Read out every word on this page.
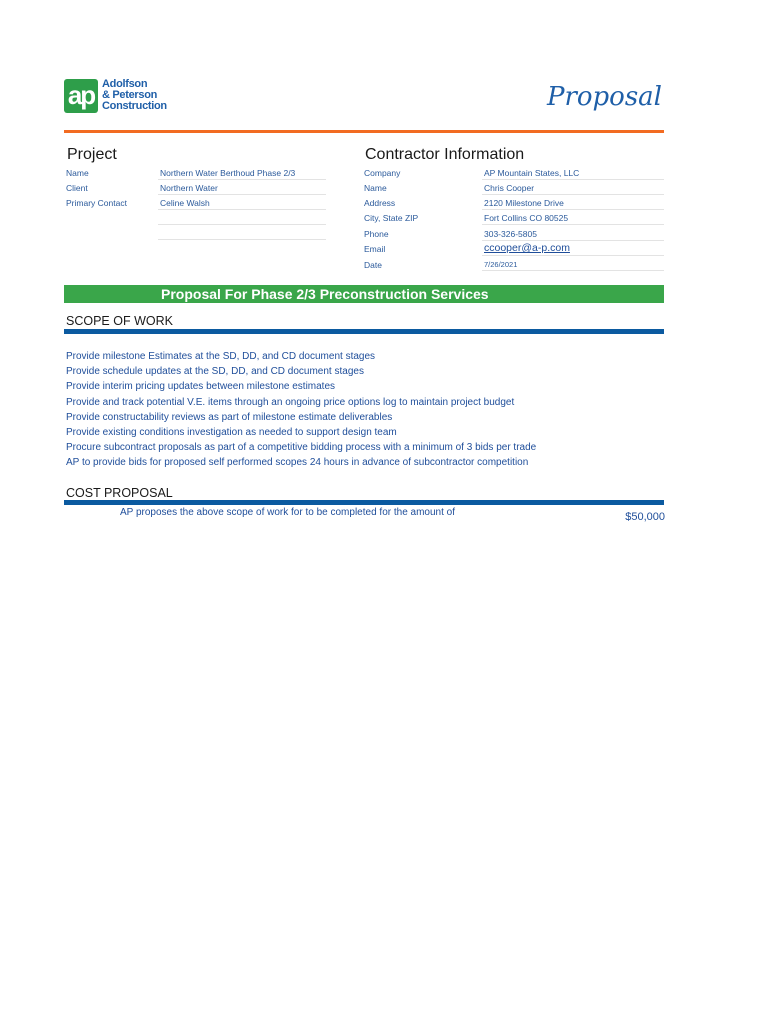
ap Adolfson
& Peterson
Construction	Proposal
Project
Name	Northern Water Berthoud Phase 2/3
Client	Northern Water
Primary Contact	Celine Walsh
Contractor Information
Company	AP Mountain States, LLC
Name	Chris Cooper
Address	2120 Milestone Drive
City, State ZIP	Fort Collins CO 80525
Phone	303-326-5805
Email	ccooper@a-p.com
Date	7/26/2021
Proposal For Phase 2/3 Preconstruction Services
SCOPE OF WORK
Provide milestone Estimates at the SD, DD, and CD document stages
Provide schedule updates at the SD, DD, and CD document stages
Provide interim pricing updates between milestone estimates
Provide and track potential V.E. items through an ongoing price options log to maintain project budget
Provide constructability reviews as part of milestone estimate deliverables
Provide existing conditions investigation as needed to support design team
Procure subcontract proposals as part of a competitive bidding process with a minimum of 3 bids per trade
AP to provide bids for proposed self performed scopes 24 hours in advance of subcontractor competition
COST PROPOSAL
AP proposes the above scope of work for to be completed for the amount of	$50,000
